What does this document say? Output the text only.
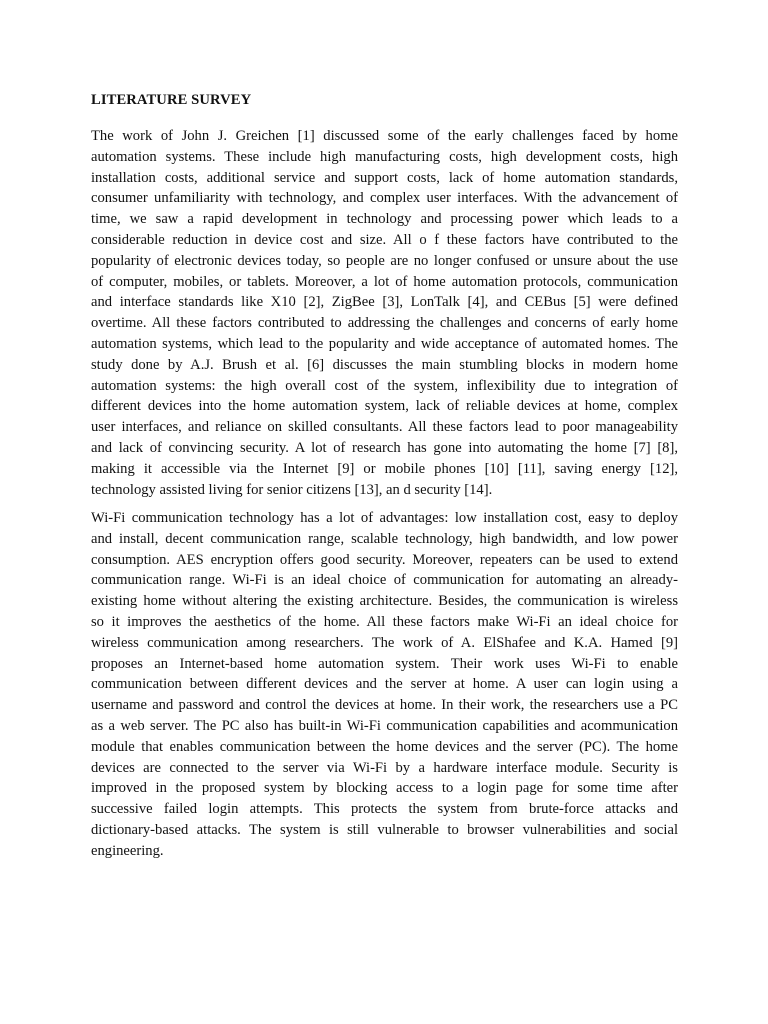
LITERATURE SURVEY
The work of John J. Greichen [1] discussed some of the early challenges faced by home
automation systems. These include high manufacturing costs, high development costs, high
installation costs, additional service and support costs, lack of home automation standards,
consumer unfamiliarity with technology, and complex user interfaces. With the advancement of
time, we saw a rapid development in technology and processing power which leads to a
considerable reduction in device cost and size. All o f these factors have contributed to the
popularity of electronic devices today, so people are no longer confused or unsure about the use
of computer, mobiles, or tablets. Moreover, a lot of home automation protocols, communication
and interface standards like X10 [2], ZigBee [3], LonTalk [4], and CEBus [5] were defined
overtime. All these factors contributed to addressing the challenges and concerns of early home
automation systems, which lead to the popularity and wide acceptance of automated homes. The
study done by A.J. Brush et al. [6] discusses the main stumbling blocks in modern home
automation systems: the high overall cost of the system, inflexibility due to integration of
different devices into the home automation system, lack of reliable devices at home, complex
user interfaces, and reliance on skilled consultants. All these factors lead to poor manageability
and lack of convincing security. A lot of research has gone into automating the home [7] [8],
making it accessible via the Internet [9] or mobile phones [10] [11], saving energy [12],
technology assisted living for senior citizens [13], an d security [14].
Wi-Fi communication technology has a lot of advantages: low installation cost, easy to deploy
and install, decent communication range, scalable technology, high bandwidth, and low power
consumption. AES encryption offers good security. Moreover, repeaters can be used to extend
communication range. Wi-Fi is an ideal choice of communication for automating an already-
existing home without altering the existing architecture. Besides, the communication is wireless
so it improves the aesthetics of the home. All these factors make Wi-Fi an ideal choice for
wireless communication among researchers. The work of A. ElShafee and K.A. Hamed [9]
proposes an Internet-based home automation system. Their work uses Wi-Fi to enable
communication between different devices and the server at home. A user can login using a
username and password and control the devices at home. In their work, the researchers use a PC
as a web server. The PC also has built-in Wi-Fi communication capabilities and acommunication
module that enables communication between the home devices and the server (PC). The home
devices are connected to the server via Wi-Fi by a hardware interface module. Security is
improved in the proposed system by blocking access to a login page for some time after
successive failed login attempts. This protects the system from brute-force attacks and
dictionary-based attacks. The system is still vulnerable to browser vulnerabilities and social
engineering.
